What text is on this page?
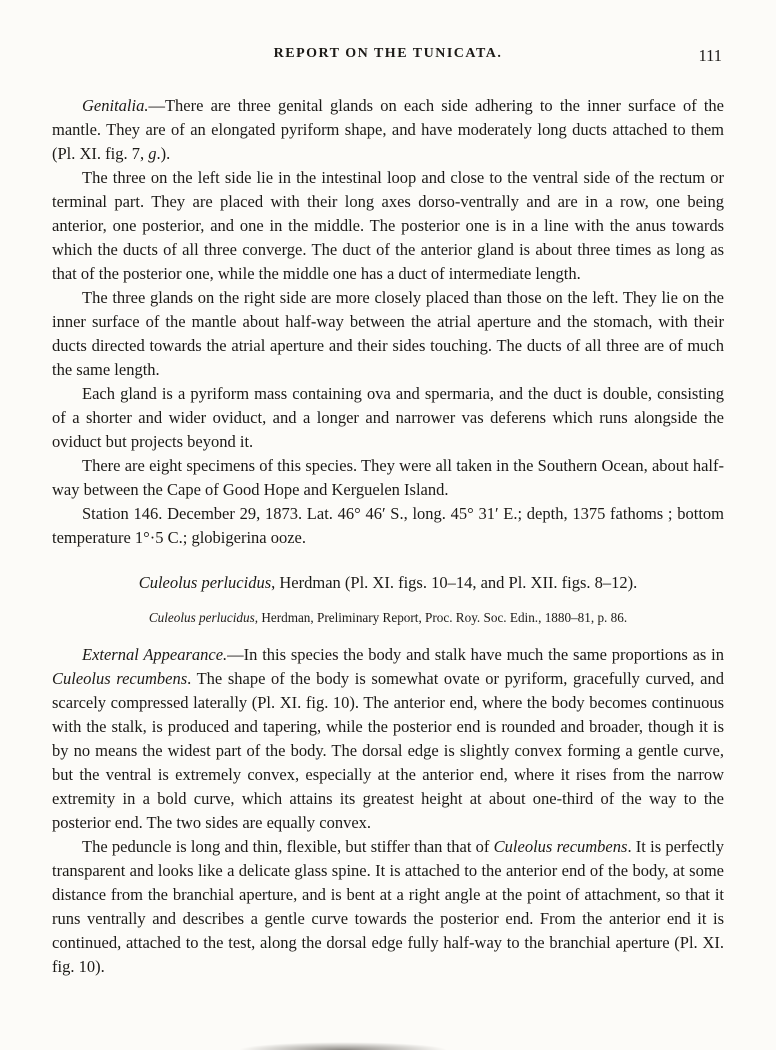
REPORT ON THE TUNICATA.	111

Genitalia.—There are three genital glands on each side adhering to the inner surface of the mantle. They are of an elongated pyriform shape, and have moderately long ducts attached to them (Pl. XI. fig. 7, g.).

The three on the left side lie in the intestinal loop and close to the ventral side of the rectum or terminal part. They are placed with their long axes dorso-ventrally and are in a row, one being anterior, one posterior, and one in the middle. The posterior one is in a line with the anus towards which the ducts of all three converge. The duct of the anterior gland is about three times as long as that of the posterior one, while the middle one has a duct of intermediate length.

The three glands on the right side are more closely placed than those on the left. They lie on the inner surface of the mantle about half-way between the atrial aperture and the stomach, with their ducts directed towards the atrial aperture and their sides touching. The ducts of all three are of much the same length.

Each gland is a pyriform mass containing ova and spermaria, and the duct is double, consisting of a shorter and wider oviduct, and a longer and narrower vas deferens which runs alongside the oviduct but projects beyond it.

There are eight specimens of this species. They were all taken in the Southern Ocean, about half-way between the Cape of Good Hope and Kerguelen Island.

Station 146. December 29, 1873. Lat. 46° 46′ S., long. 45° 31′ E.; depth, 1375 fathoms ; bottom temperature 1°·5 C.; globigerina ooze.

Culeolus perlucidus, Herdman (Pl. XI. figs. 10–14, and Pl. XII. figs. 8–12).

Culeolus perlucidus, Herdman, Preliminary Report, Proc. Roy. Soc. Edin., 1880–81, p. 86.

External Appearance.—In this species the body and stalk have much the same proportions as in Culeolus recumbens. The shape of the body is somewhat ovate or pyriform, gracefully curved, and scarcely compressed laterally (Pl. XI. fig. 10). The anterior end, where the body becomes continuous with the stalk, is produced and tapering, while the posterior end is rounded and broader, though it is by no means the widest part of the body. The dorsal edge is slightly convex forming a gentle curve, but the ventral is extremely convex, especially at the anterior end, where it rises from the narrow extremity in a bold curve, which attains its greatest height at about one-third of the way to the posterior end. The two sides are equally convex.

The peduncle is long and thin, flexible, but stiffer than that of Culeolus recumbens. It is perfectly transparent and looks like a delicate glass spine. It is attached to the anterior end of the body, at some distance from the branchial aperture, and is bent at a right angle at the point of attachment, so that it runs ventrally and describes a gentle curve towards the posterior end. From the anterior end it is continued, attached to the test, along the dorsal edge fully half-way to the branchial aperture (Pl. XI. fig. 10).
